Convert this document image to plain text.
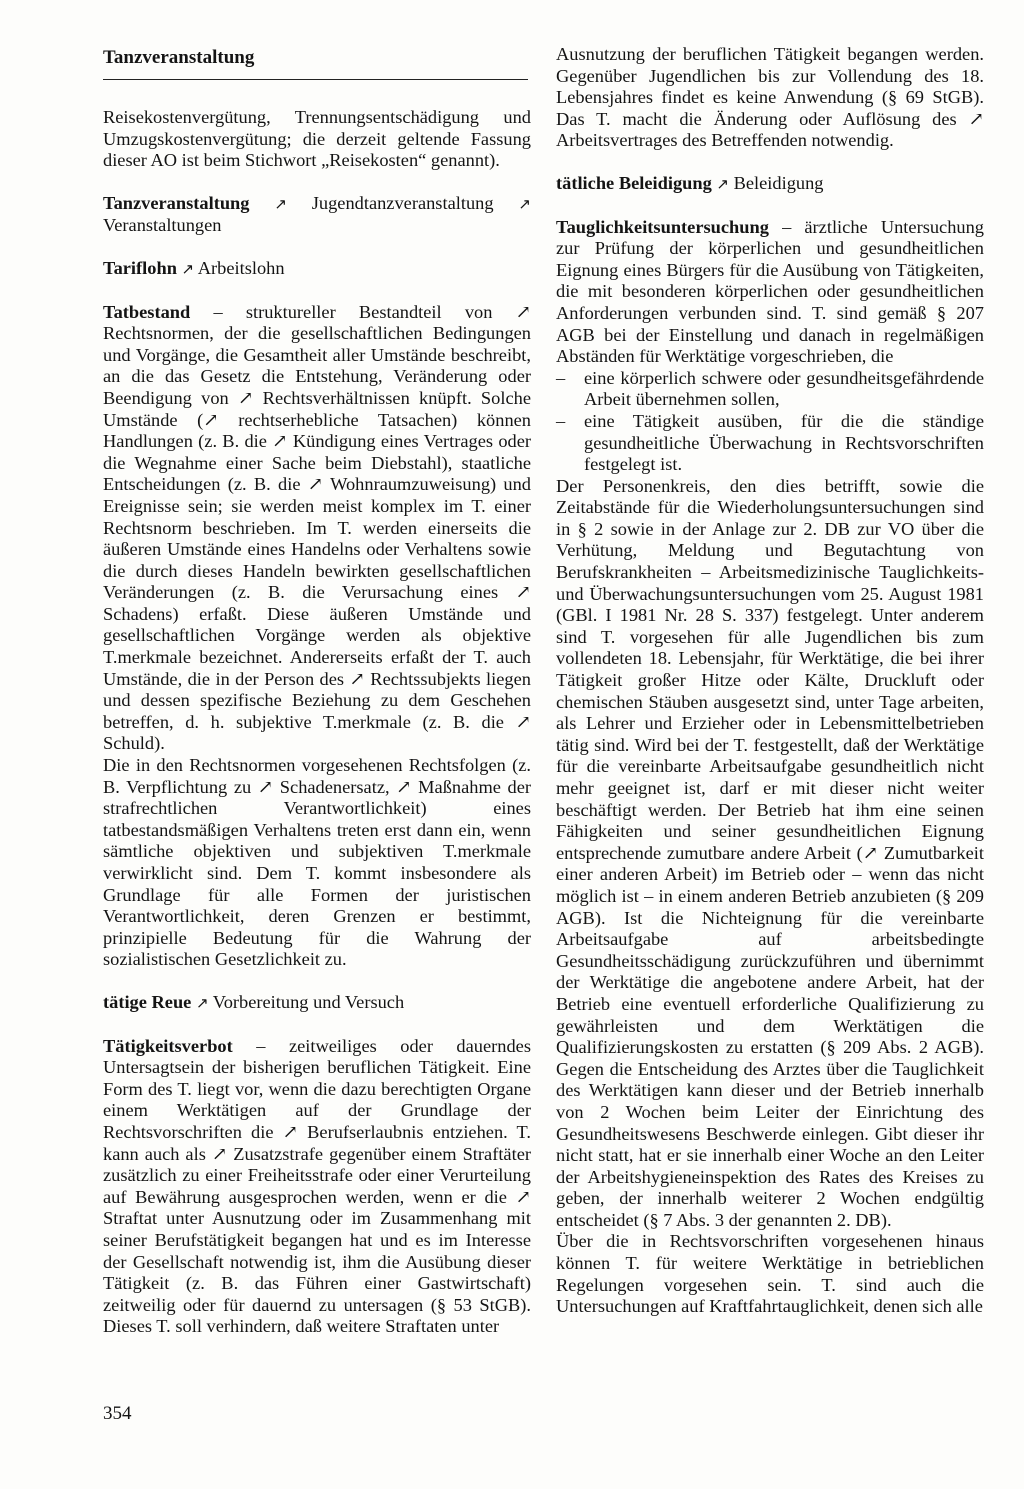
Tanzveranstaltung

Reisekostenvergütung, Trennungsentschädigung und Umzugskostenvergütung; die derzeit geltende Fassung dieser AO ist beim Stichwort „Reisekosten“ genannt).

Tanzveranstaltung ↗ Jugendtanzveranstaltung ↗ Veranstaltungen

Tariflohn ↗ Arbeitslohn

Tatbestand – struktureller Bestandteil von ↗ Rechtsnormen, der die gesellschaftlichen Bedingungen und Vorgänge, die Gesamtheit aller Umstände beschreibt, an die das Gesetz die Entstehung, Veränderung oder Beendigung von ↗ Rechtsverhältnissen knüpft. Solche Umstände (↗ rechtserhebliche Tatsachen) können Handlungen (z. B. die ↗ Kündigung eines Vertrages oder die Wegnahme einer Sache beim Diebstahl), staatliche Entscheidungen (z. B. die ↗ Wohnraumzuweisung) und Ereignisse sein; sie werden meist komplex im T. einer Rechtsnorm beschrieben. Im T. werden einerseits die äußeren Umstände eines Handelns oder Verhaltens sowie die durch dieses Handeln bewirkten gesellschaftlichen Veränderungen (z. B. die Verursachung eines ↗ Schadens) erfaßt. Diese äußeren Umstände und gesellschaftlichen Vorgänge werden als objektive T.merkmale bezeichnet. Andererseits erfaßt der T. auch Umstände, die in der Person des ↗ Rechtssubjekts liegen und dessen spezifische Beziehung zu dem Geschehen betreffen, d. h. subjektive T.merkmale (z. B. die ↗ Schuld).

Die in den Rechtsnormen vorgesehenen Rechtsfolgen (z. B. Verpflichtung zu ↗ Schadenersatz, ↗ Maßnahme der strafrechtlichen Verantwortlichkeit) eines tatbestandsmäßigen Verhaltens treten erst dann ein, wenn sämtliche objektiven und subjektiven T.merkmale verwirklicht sind. Dem T. kommt insbesondere als Grundlage für alle Formen der juristischen Verantwortlichkeit, deren Grenzen er bestimmt, prinzipielle Bedeutung für die Wahrung der sozialistischen Gesetzlichkeit zu.

tätige Reue ↗ Vorbereitung und Versuch

Tätigkeitsverbot – zeitweiliges oder dauerndes Untersagtsein der bisherigen beruflichen Tätigkeit. Eine Form des T. liegt vor, wenn die dazu berechtigten Organe einem Werktätigen auf der Grundlage der Rechtsvorschriften die ↗ Berufserlaubnis entziehen. T. kann auch als ↗ Zusatzstrafe gegenüber einem Straftäter zusätzlich zu einer Freiheitsstrafe oder einer Verurteilung auf Bewährung ausgesprochen werden, wenn er die ↗ Straftat unter Ausnutzung oder im Zusammenhang mit seiner Berufstätigkeit begangen hat und es im Interesse der Gesellschaft notwendig ist, ihm die Ausübung dieser Tätigkeit (z. B. das Führen einer Gastwirtschaft) zeitweilig oder für dauernd zu untersagen (§ 53 StGB). Dieses T. soll verhindern, daß weitere Straftaten unter

Ausnutzung der beruflichen Tätigkeit begangen werden. Gegenüber Jugendlichen bis zur Vollendung des 18. Lebensjahres findet es keine Anwendung (§ 69 StGB). Das T. macht die Änderung oder Auflösung des ↗ Arbeitsvertrages des Betreffenden notwendig.

tätliche Beleidigung ↗ Beleidigung

Tauglichkeitsuntersuchung – ärztliche Untersuchung zur Prüfung der körperlichen und gesundheitlichen Eignung eines Bürgers für die Ausübung von Tätigkeiten, die mit besonderen körperlichen oder gesundheitlichen Anforderungen verbunden sind. T. sind gemäß § 207 AGB bei der Einstellung und danach in regelmäßigen Abständen für Werktätige vorgeschrieben, die

– eine körperlich schwere oder gesundheitsgefährdende Arbeit übernehmen sollen,
– eine Tätigkeit ausüben, für die die ständige gesundheitliche Überwachung in Rechtsvorschriften festgelegt ist.

Der Personenkreis, den dies betrifft, sowie die Zeitabstände für die Wiederholungsuntersuchungen sind in § 2 sowie in der Anlage zur 2. DB zur VO über die Verhütung, Meldung und Begutachtung von Berufskrankheiten – Arbeitsmedizinische Tauglichkeits- und Überwachungsuntersuchungen vom 25. August 1981 (GBl. I 1981 Nr. 28 S. 337) festgelegt. Unter anderem sind T. vorgesehen für alle Jugendlichen bis zum vollendeten 18. Lebensjahr, für Werktätige, die bei ihrer Tätigkeit großer Hitze oder Kälte, Druckluft oder chemischen Stäuben ausgesetzt sind, unter Tage arbeiten, als Lehrer und Erzieher oder in Lebensmittelbetrieben tätig sind. Wird bei der T. festgestellt, daß der Werktätige für die vereinbarte Arbeitsaufgabe gesundheitlich nicht mehr geeignet ist, darf er mit dieser nicht weiter beschäftigt werden. Der Betrieb hat ihm eine seinen Fähigkeiten und seiner gesundheitlichen Eignung entsprechende zumutbare andere Arbeit (↗ Zumutbarkeit einer anderen Arbeit) im Betrieb oder – wenn das nicht möglich ist – in einem anderen Betrieb anzubieten (§ 209 AGB). Ist die Nichteignung für die vereinbarte Arbeitsaufgabe auf arbeitsbedingte Gesundheitsschädigung zurückzuführen und übernimmt der Werktätige die angebotene andere Arbeit, hat der Betrieb eine eventuell erforderliche Qualifizierung zu gewährleisten und dem Werktätigen die Qualifizierungskosten zu erstatten (§ 209 Abs. 2 AGB). Gegen die Entscheidung des Arztes über die Tauglichkeit des Werktätigen kann dieser und der Betrieb innerhalb von 2 Wochen beim Leiter der Einrichtung des Gesundheitswesens Beschwerde einlegen. Gibt dieser ihr nicht statt, hat er sie innerhalb einer Woche an den Leiter der Arbeitshygieneinspektion des Rates des Kreises zu geben, der innerhalb weiterer 2 Wochen endgültig entscheidet (§ 7 Abs. 3 der genannten 2. DB).

Über die in Rechtsvorschriften vorgesehenen hinaus können T. für weitere Werktätige in betrieblichen Regelungen vorgesehen sein. T. sind auch die Untersuchungen auf Kraftfahrtauglichkeit, denen sich alle

354
